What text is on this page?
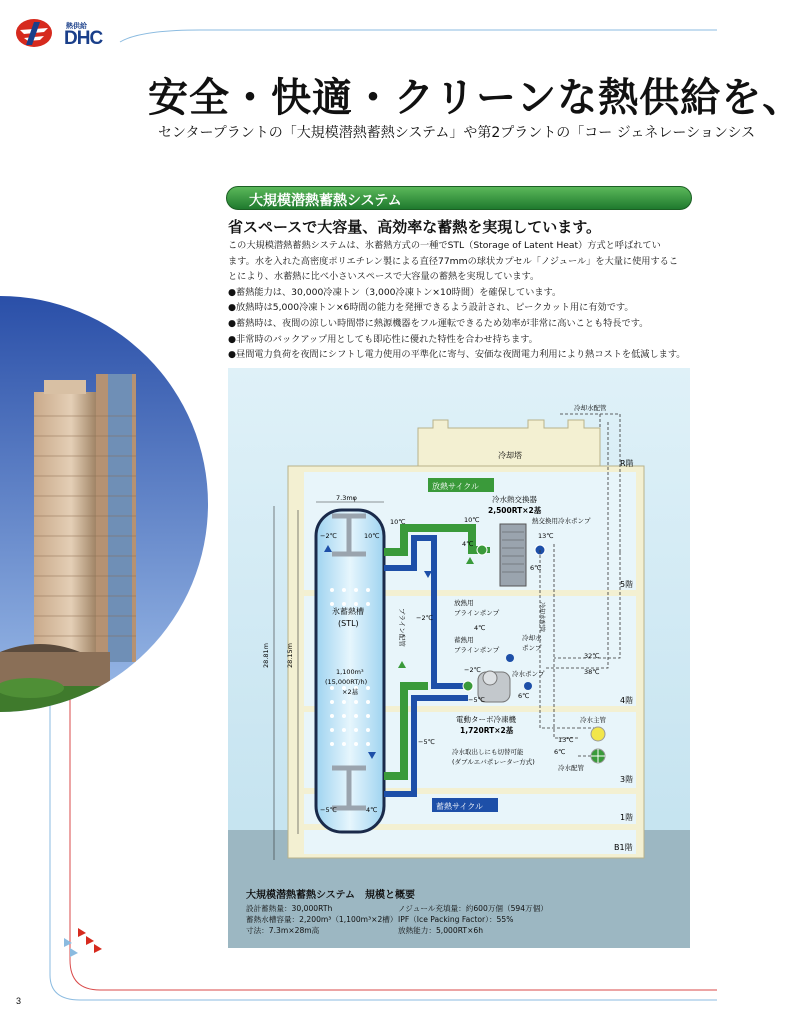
熱供給
DHC
安全・快適・クリーンな熱供給を、

センタープラントの「大規模潜熱蓄熱システム」や第2プラントの「コー ジェネレーションシス

大規模潜熱蓄熱システム
省スペースで大容量、高効率な蓄熱を実現しています。

この大規模潜熱蓄熱システムは、氷蓄熱方式の一種でSTL（Storage of Latent Heat）方式と呼ばれてい

ます。水を入れた高密度ポリエチレン製による直径77mmの球状カプセル「ノジュール」を大量に使用するこ

とにより、水蓄熱に比べ小さいスペースで大容量の蓄熱を実現しています。

●蓄熱能力は、30,000冷凍トン（3,000冷凍トン×10時間）を確保しています。

●放熱時は5,000冷凍トン×6時間の能力を発揮できるよう設計され、ピークカット用に有効です。

●蓄熱時は、夜間の涼しい時間帯に熱源機器をフル運転できるため効率が非常に高いことも特長です。

●非常時のバックアップ用としても即応性に優れた特性を合わせ持ちます。

●昼間電力負荷を夜間にシフトし電力使用の平準化に寄与、安価な夜間電力利用により熱コストを低減します。

冷却塔
R階
5階
4階
3階
1階
B1階
氷蓄熱槽
(STL)
1,100m³
(15,000RT/h)
×2基
7.3mφ
28.81m 28.15m
放熱サイクル
蓄熱サイクル
冷水熱交換器
2,500RT×2基
熱交換用冷水ポンプ
電動ターボ冷凍機
1,720RT×2基
冷水取出しにも切替可能
(ダブルエバポレーター方式)
放熱用
ブラインポンプ
蓄熱用
ブラインポンプ
冷却水
ポンプ
冷水ポンプ
ブライン配管	冷却水配管
冷却水配管
冷水主管
冷水配管
10℃
10℃
10℃
−2℃
−2℃
−2℃
4℃
4℃
4℃
13℃
13℃
6℃
6℃
6℃
32℃
38℃
−5℃
−5℃
−5℃
大規模潜熱蓄熱システム　規模と概要
設計蓄熱量：30,000RTh
蓄熱水槽容量：2,200m³（1,100m³×2槽）
寸法：7.3m×28m高
ノジュール充填量：約600万個（594万個）
IPF（Ice Packing Factor）：55%
放熱能力：5,000RT×6h
3
